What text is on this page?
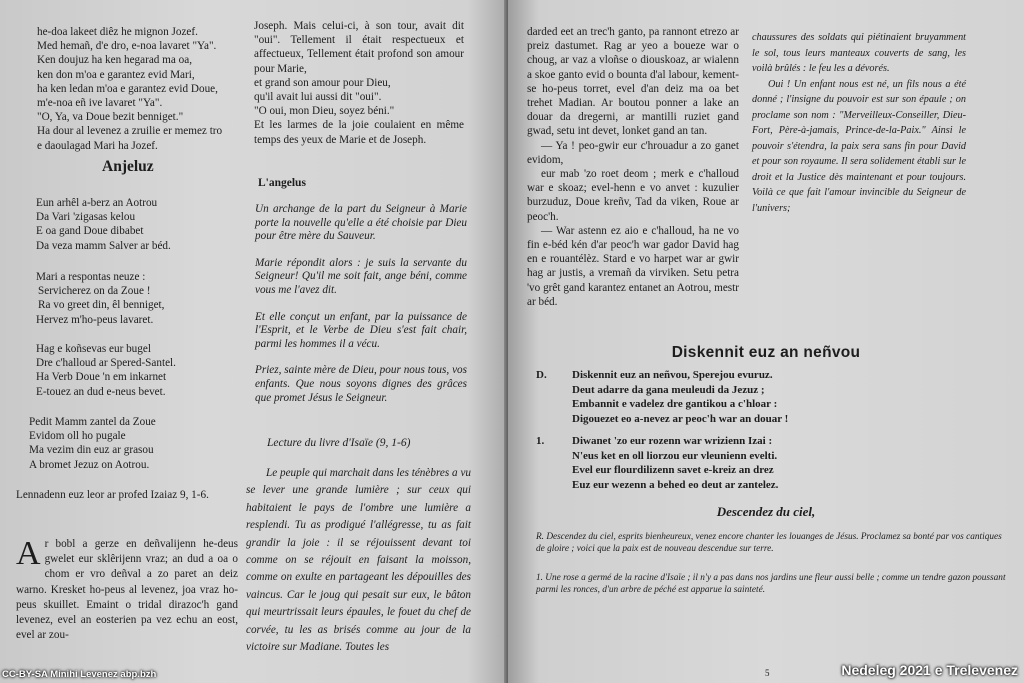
he-doa lakeet diêz he mignon Jozef.
Med hemañ, d'e dro, e-noa lavaret "Ya".
Ken doujuz ha ken hegarad ma oa,
ken don m'oa e garantez evid Mari,
ha ken ledan m'oa e garantez evid Doue,
m'e-noa eñ ive lavaret "Ya".
"O, Ya, va Doue bezit benniget."
Ha dour al levenez a zruilie er memez tro
e daoulagad Mari ha Jozef.
Anjeluz
Eun arhêl a-berz an Aotrou
Da Vari 'zigasas kelou
E oa gand Doue dibabet
Da veza mamm Salver ar béd.
Mari a respontas neuze :
Servicherez on da Zoue !
Ra vo greet din, êl benniget,
Hervez m'ho-peus lavaret.
Hag e koñsevas eur bugel
Dre c'halloud ar Spered-Santel.
Ha Verb Doue 'n em inkarnet
E-touez an dud e-neus bevet.
Pedit Mamm zantel da Zoue
Evidom oll ho pugale
Ma vezim din euz ar grasou
A bromet Jezuz on Aotrou.
Lennadenn euz leor ar profed Izaiaz 9, 1-6.
A r bobl a gerze en deñvalijenn he-deus gwelet eur sklêrijenn vraz; an dud a oa o chom er vro deñval a zo paret an deiz warno. Kresket ho-peus al levenez, joa vraz ho-peus skuillet. Emaint o tridal dirazoc'h gand levenez, evel an eosterien pa vez echu an eost, evel ar zou-

Joseph. Mais celui-ci, à son tour, avait dit "oui". Tellement il était respectueux et affectueux, Tellement était profond son amour pour Marie,

et grand son amour pour Dieu,
qu'il avait lui aussi dit "oui".
"O oui, mon Dieu, soyez béni."

Et les larmes de la joie coulaient en même temps des yeux de Marie et de Joseph.

L'angelus

Un archange de la part du Seigneur à Marie porte la nouvelle qu'elle a été choisie par Dieu pour être mère du Sauveur.

Marie répondit alors : je suis la servante du Seigneur! Qu'il me soit fait, ange béni, comme vous me l'avez dit.

Et elle conçut un enfant, par la puissance de l'Esprit, et le Verbe de Dieu s'est fait chair, parmi les hommes il a vécu.

Priez, sainte mère de Dieu, pour nous tous, vos enfants. Que nous soyons dignes des grâces que promet Jésus le Seigneur.

Lecture du livre d'Isaïe (9, 1-6)
Le peuple qui marchait dans les ténèbres a vu se lever une grande lumière ; sur ceux qui habitaient le pays de l'ombre une lumière a resplendi. Tu as prodigué l'allégresse, tu as fait grandir la joie : il se réjouissent devant toi comme on se réjouit en faisant la moisson, comme on exulte en partageant les dépouilles des vaincus. Car le joug qui pesait sur eux, le bâton qui meurtrissait leurs épaules, le fouet du chef de corvée, tu les as brisés comme au jour de la victoire sur Madiane. Toutes les

darded eet an trec'h ganto, pa rannont etrezo ar preiz dastumet. Rag ar yeo a boueze war o choug, ar vaz a vloñse o diouskoaz, ar wialenn a skoe ganto evid o bounta d'al labour, kement-se ho-peus torret, evel d'an deiz ma oa bet trehet Madian. Ar boutou ponner a lake an douar da dregerni, ar mantilli ruziet gand gwad, setu int devet, lonket gand an tan.

— Ya ! peo-gwir eur c'hrouadur a zo ganet evidom,

eur mab 'zo roet deom ; merk e c'halloud war e skoaz; evel-henn e vo anvet : kuzulier burzuduz, Doue kreñv, Tad da viken, Roue ar peoc'h.

— War astenn ez aio e c'halloud, ha ne vo fin e-béd kén d'ar peoc'h war gador David hag en e rouantélèz. Stard e vo harpet war ar gwir hag ar justis, a vremañ da virviken. Setu petra 'vo grêt gand karantez entanet an Aotrou, mestr ar béd.

chaussures des soldats qui piétinaient bruyamment le sol, tous leurs manteaux couverts de sang, les voilà brûlés : le feu les a dévorés.

Oui ! Un enfant nous est né, un fils nous a été donné ; l'insigne du pouvoir est sur son épaule ; on proclame son nom : "Merveilleux-Conseiller, Dieu-Fort, Père-à-jamais, Prince-de-la-Paix." Ainsi le pouvoir s'étendra, la paix sera sans fin pour David et pour son royaume. Il sera solidement établi sur le droit et la Justice dès maintenant et pour toujours. Voilà ce que fait l'amour invincible du Seigneur de l'univers;

Diskennit euz an neñvou
D. Diskennit euz an neñvou, Sperejou evuruz.
Deut adarre da gana meuleudi da Jezuz ;
Embannit e vadelez dre gantikou a c'hloar :
Digouezet eo a-nevez ar peoc'h war an douar !
1.	Diwanet 'zo eur rozenn war wrizienn Izai :
N'eus ket en oll liorzou eur vleunienn evelti.
Evel eur flourdilizenn savet e-kreiz an drez
Euz eur wezenn a behed eo deut ar zantelez.
Descendez du ciel,
R. Descendez du ciel, esprits bienheureux, venez encore chanter les louanges de Jésus. Proclamez sa bonté par vos cantiques de gloire ; voici que la paix est de nouveau descendue sur terre.
1. Une rose a germé de la racine d'Isaïe ; il n'y a pas dans nos jardins une fleur aussi belle ; comme un tendre gazon poussant parmi les ronces, d'un arbre de péché est apparue la sainteté.
5
CC-BY-SA Minihi Levenez abp.bzh	Nedeleg 2021 e Trelevenez
